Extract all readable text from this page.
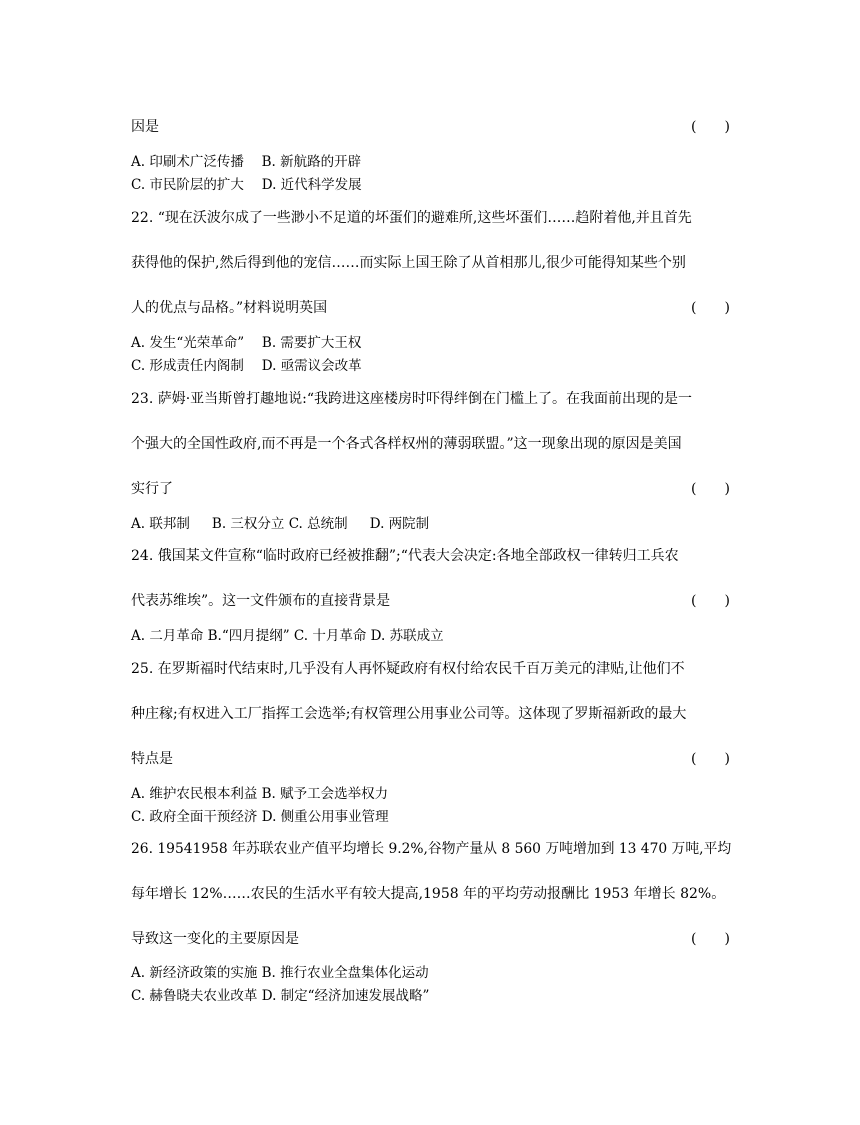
因是	(　　)
A. 印刷术广泛传播 　B. 新航路的开辟
C. 市民阶层的扩大 　D. 近代科学发展
22. “现在沃波尔成了一些渺小不足道的坏蛋们的避难所,这些坏蛋们……趋附着他,并且首先
获得他的保护,然后得到他的宠信……而实际上国王除了从首相那儿,很少可能得知某些个别
人的优点与品格。”材料说明英国	(　　)
A. 发生“光荣革命” 　B. 需要扩大王权
C. 形成责任内阁制 　D. 亟需议会改革
23. 萨姆·亚当斯曾打趣地说:“我跨进这座楼房时吓得绊倒在门槛上了。在我面前出现的是一
个强大的全国性政府,而不再是一个各式各样权州的薄弱联盟。”这一现象出现的原因是美国
实行了	(　　)
A. 联邦制 　 B. 三权分立 C. 总统制 　 D. 两院制
24. 俄国某文件宣称“临时政府已经被推翻”;“代表大会决定:各地全部政权一律转归工兵农
代表苏维埃”。这一文件颁布的直接背景是	(　　)
A. 二月革命 B.“四月提纲” C. 十月革命 D. 苏联成立
25. 在罗斯福时代结束时,几乎没有人再怀疑政府有权付给农民千百万美元的津贴,让他们不
种庄稼;有权进入工厂指挥工会选举;有权管理公用事业公司等。这体现了罗斯福新政的最大
特点是	(　　)
A. 维护农民根本利益 B. 赋予工会选举权力
C. 政府全面干预经济 D. 侧重公用事业管理
26. 19541958 年苏联农业产值平均增长 9.2%,谷物产量从 8 560 万吨增加到 13 470 万吨,平均
每年增长 12%……农民的生活水平有较大提高,1958 年的平均劳动报酬比 1953 年增长 82%。
导致这一变化的主要原因是	(　　)
A. 新经济政策的实施 B. 推行农业全盘集体化运动
C. 赫鲁晓夫农业改革 D. 制定“经济加速发展战略”
